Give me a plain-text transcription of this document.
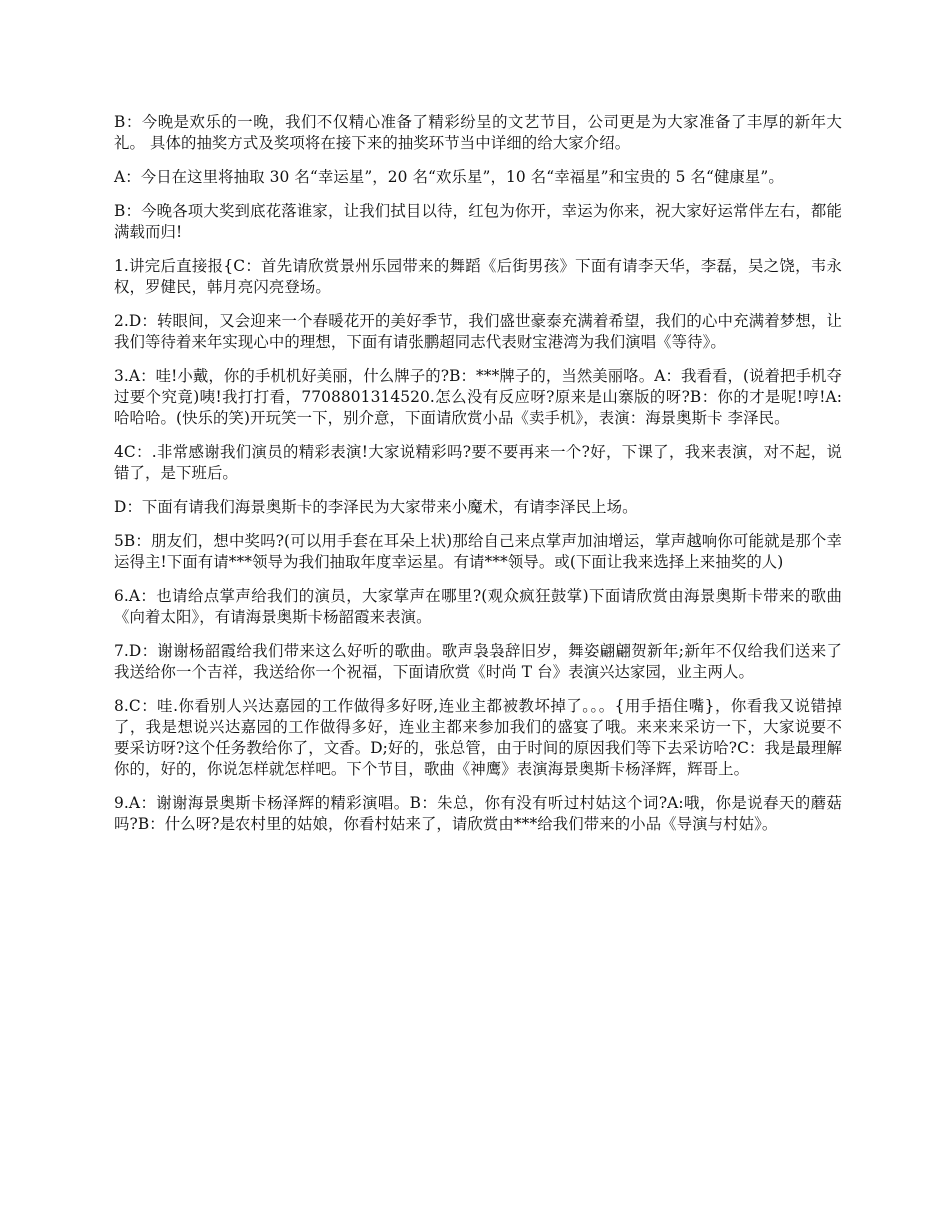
B：今晚是欢乐的一晚，我们不仅精心准备了精彩纷呈的文艺节目，公司更是为大家准备了丰厚的新年大礼。 具体的抽奖方式及奖项将在接下来的抽奖环节当中详细的给大家介绍。

A：今日在这里将抽取 30 名“幸运星”，20 名“欢乐星”，10 名“幸福星”和宝贵的 5 名“健康星”。

B：今晚各项大奖到底花落谁家，让我们拭目以待，红包为你开，幸运为你来，祝大家好运常伴左右，都能满载而归!

1.讲完后直接报{C：首先请欣赏景州乐园带来的舞蹈《后街男孩》下面有请李天华，李磊，吴之饶，韦永权，罗健民，韩月亮闪亮登场。

2.D：转眼间，又会迎来一个春暖花开的美好季节，我们盛世豪泰充满着希望，我们的心中充满着梦想，让我们等待着来年实现心中的理想，下面有请张鹏超同志代表财宝港湾为我们演唱《等待》。

3.A：哇!小戴，你的手机机好美丽，什么牌子的?B：***牌子的，当然美丽咯。A：我看看，(说着把手机夺过要个究竟)咦!我打打看，7708801314520.怎么没有反应呀?原来是山寨版的呀?B：你的才是呢!哼!A:哈哈哈。(快乐的笑)开玩笑一下，别介意，下面请欣赏小品《卖手机》，表演：海景奥斯卡 李泽民。

4C：.非常感谢我们演员的精彩表演!大家说精彩吗?要不要再来一个?好，下课了，我来表演，对不起，说错了，是下班后。

D：下面有请我们海景奥斯卡的李泽民为大家带来小魔术，有请李泽民上场。

5B：朋友们，想中奖吗?(可以用手套在耳朵上状)那给自己来点掌声加油增运，掌声越响你可能就是那个幸运得主!下面有请***领导为我们抽取年度幸运星。有请***领导。或(下面让我来选择上来抽奖的人)

6.A：也请给点掌声给我们的演员，大家掌声在哪里?(观众疯狂鼓掌)下面请欣赏由海景奥斯卡带来的歌曲《向着太阳》，有请海景奥斯卡杨韶霞来表演。

7.D：谢谢杨韶霞给我们带来这么好听的歌曲。歌声袅袅辞旧岁，舞姿翩翩贺新年;新年不仅给我们送来了我送给你一个吉祥，我送给你一个祝福，下面请欣赏《时尚 T 台》表演兴达家园，业主两人。

8.C：哇.你看别人兴达嘉园的工作做得多好呀,连业主都被教坏掉了。。。{用手捂住嘴}，你看我又说错掉了，我是想说兴达嘉园的工作做得多好，连业主都来参加我们的盛宴了哦。来来来采访一下，大家说要不要采访呀?这个任务教给你了，文香。D;好的，张总管，由于时间的原因我们等下去采访哈?C：我是最理解你的，好的，你说怎样就怎样吧。下个节目，歌曲《神鹰》表演海景奥斯卡杨泽辉，辉哥上。

9.A：谢谢海景奥斯卡杨泽辉的精彩演唱。B：朱总，你有没有听过村姑这个词?A:哦，你是说春天的蘑菇吗?B：什么呀?是农村里的姑娘，你看村姑来了，请欣赏由***给我们带来的小品《导演与村姑》。
